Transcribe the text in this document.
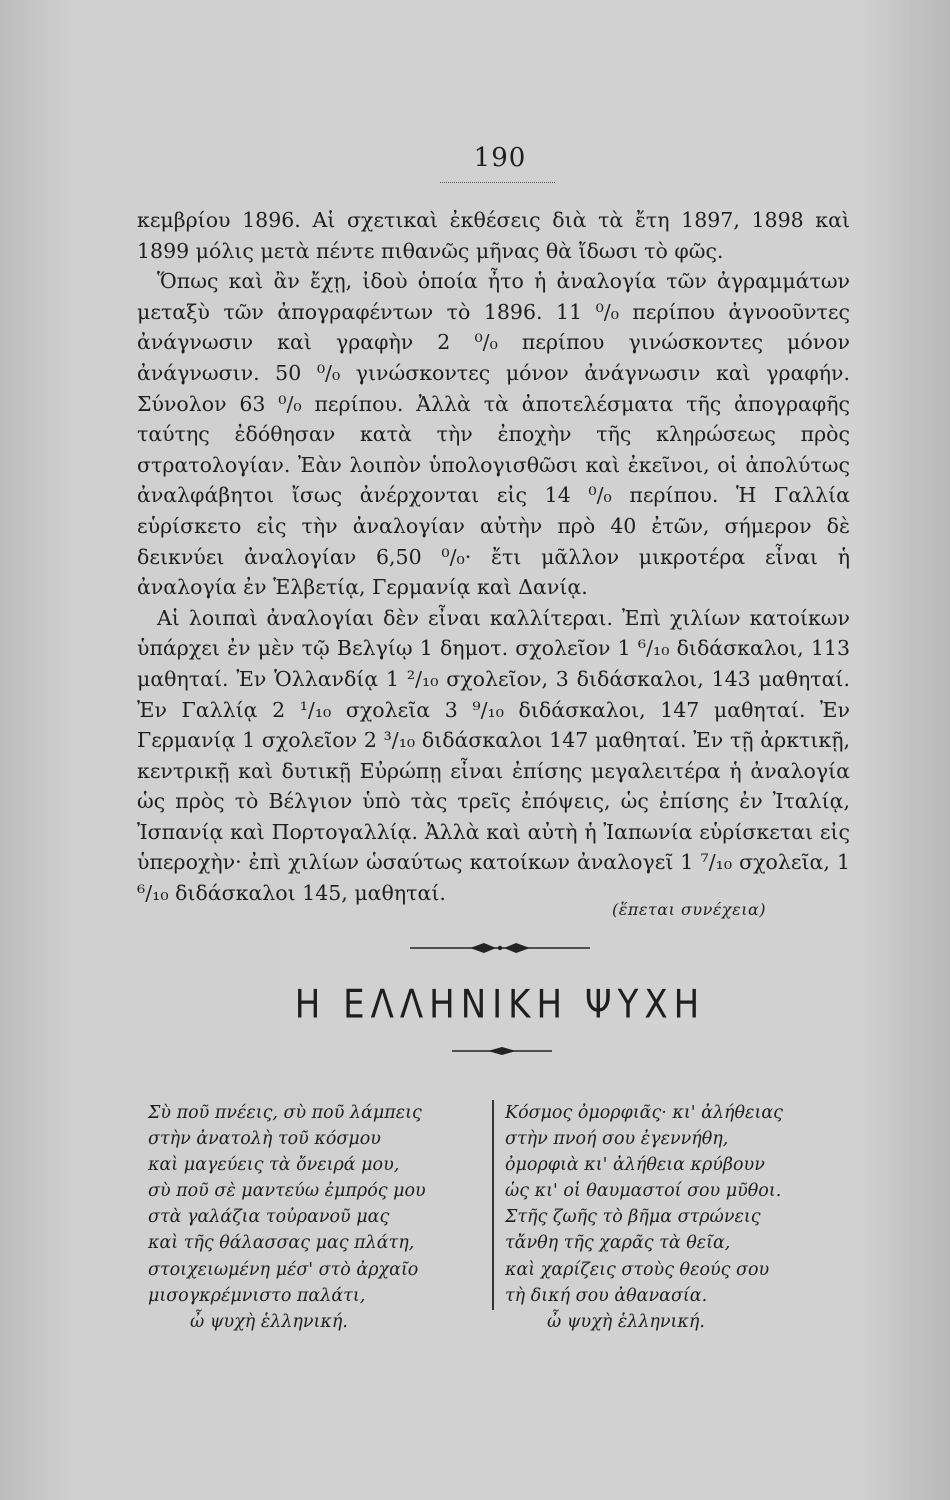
190

κεμβρίου 1896. Αἱ σχετικαὶ ἐκθέσεις διὰ τὰ ἔτη 1897, 1898 καὶ 1899 μόλις μετὰ πέντε πιθανῶς μῆνας θὰ ἴδωσι τὸ φῶς.

Ὅπως καὶ ἂν ἔχῃ, ἰδοὺ ὁποία ἦτο ἡ ἀναλογία τῶν ἀγραμμάτων μεταξὺ τῶν ἀπογραφέντων τὸ 1896. 11 ⁰/₀ περίπου ἀγνοοῦντες ἀνάγνωσιν καὶ γραφὴν 2 ⁰/₀ περίπου γινώσκοντες μόνον ἀνάγνωσιν. 50 ⁰/₀ γινώσκοντες μόνον ἀνάγνωσιν καὶ γραφήν. Σύνολον 63 ⁰/₀ περίπου. Ἀλλὰ τὰ ἀποτελέσματα τῆς ἀπογραφῆς ταύτης ἐδόθησαν κατὰ τὴν ἐποχὴν τῆς κληρώσεως πρὸς στρατολογίαν. Ἐὰν λοιπὸν ὑπολογισθῶσι καὶ ἐκεῖνοι, οἱ ἀπολύτως ἀναλφάβητοι ἴσως ἀνέρχονται εἰς 14 ⁰/₀ περίπου. Ἡ Γαλλία εὑρίσκετο εἰς τὴν ἀναλογίαν αὐτὴν πρὸ 40 ἐτῶν, σήμερον δὲ δεικνύει ἀναλογίαν 6,50 ⁰/₀· ἔτι μᾶλλον μικροτέρα εἶναι ἡ ἀναλογία ἐν Ἑλβετίᾳ, Γερμανίᾳ καὶ Δανίᾳ.

Αἱ λοιπαὶ ἀναλογίαι δὲν εἶναι καλλίτεραι. Ἐπὶ χιλίων κατοίκων ὑπάρχει ἐν μὲν τῷ Βελγίῳ 1 δημοτ. σχολεῖον 1 ⁶/₁₀ διδάσκαλοι, 113 μαθηταί. Ἐν Ὁλλανδίᾳ 1 ²/₁₀ σχολεῖον, 3 διδάσκαλοι, 143 μαθηταί. Ἐν Γαλλίᾳ 2 ¹/₁₀ σχολεῖα 3 ⁹/₁₀ διδάσκαλοι, 147 μαθηταί. Ἐν Γερμανίᾳ 1 σχολεῖον 2 ³/₁₀ διδάσκαλοι 147 μαθηταί. Ἐν τῇ ἀρκτικῇ, κεντρικῇ καὶ δυτικῇ Εὐρώπῃ εἶναι ἐπίσης μεγαλειτέρα ἡ ἀναλογία ὡς πρὸς τὸ Βέλγιον ὑπὸ τὰς τρεῖς ἐπόψεις, ὡς ἐπίσης ἐν Ἰταλίᾳ, Ἰσπανίᾳ καὶ Πορτογαλλίᾳ. Ἀλλὰ καὶ αὐτὴ ἡ Ἰαπωνία εὑρίσκεται εἰς ὑπεροχὴν· ἐπὶ χιλίων ὡσαύτως κατοίκων ἀναλογεῖ 1 ⁷/₁₀ σχολεῖα, 1 ⁶/₁₀ διδάσκαλοι 145, μαθηταί.

(ἕπεται συνέχεια)
Η ΕΛΛΗΝΙΚΗ ΨΥΧΗ
Σὺ ποῦ πνέεις, σὺ ποῦ λάμπεις
στὴν ἀνατολὴ τοῦ κόσμου
καὶ μαγεύεις τὰ ὄνειρά μου,
σὺ ποῦ σὲ μαντεύω ἐμπρός μου
στὰ γαλάζια τοὐρανοῦ μας
καὶ τῆς θάλασσας μας πλάτη,
στοιχειωμένη μέσ' στὸ ἀρχαῖο
μισογκρέμνιστο παλάτι,
ὦ ψυχὴ ἑλληνική.
Κόσμος ὀμορφιᾶς· κι' ἀλήθειας
στὴν πνοή σου ἐγεννήθη,
ὀμορφιὰ κι' ἀλήθεια κρύβουν
ὡς κι' οἱ θαυμαστοί σου μῦθοι.
Στῆς ζωῆς τὸ βῆμα στρώνεις
τἄνθη τῆς χαρᾶς τὰ θεῖα,
καὶ χαρίζεις στοὺς θεούς σου
τὴ δική σου ἀθανασία.
ὦ ψυχὴ ἑλληνική.
